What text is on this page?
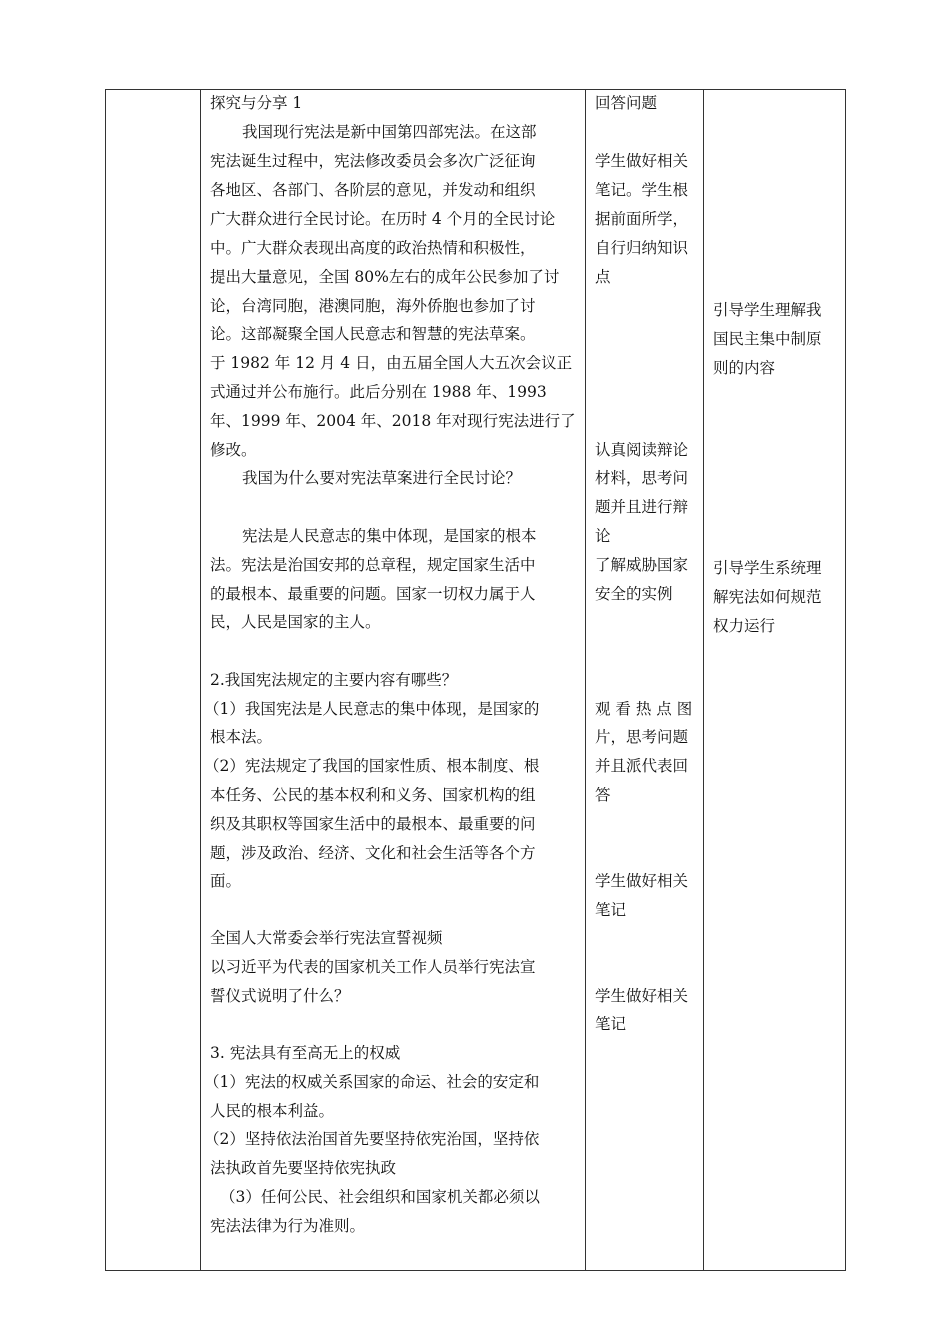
探究与分享 1
我国现行宪法是新中国第四部宪法。在这部
宪法诞生过程中，宪法修改委员会多次广泛征询
各地区、各部门、各阶层的意见，并发动和组织
广大群众进行全民讨论。在历时 4 个月的全民讨论
中。广大群众表现出高度的政治热情和积极性，
提出大量意见，全国 80%左右的成年公民参加了讨
论，台湾同胞，港澳同胞，海外侨胞也参加了讨
论。这部凝聚全国人民意志和智慧的宪法草案。
于 1982 年 12 月 4 日，由五届全国人大五次会议正
式通过并公布施行。此后分别在 1988 年、1993
年、1999 年、2004 年、2018 年对现行宪法进行了
修改。
我国为什么要对宪法草案进行全民讨论？
宪法是人民意志的集中体现，是国家的根本
法。宪法是治国安邦的总章程，规定国家生活中
的最根本、最重要的问题。国家一切权力属于人
民，人民是国家的主人。
2.我国宪法规定的主要内容有哪些？
（1）我国宪法是人民意志的集中体现，是国家的
根本法。
（2）宪法规定了我国的国家性质、根本制度、根
本任务、公民的基本权利和义务、国家机构的组
织及其职权等国家生活中的最根本、最重要的问
题，涉及政治、经济、文化和社会生活等各个方
面。
全国人大常委会举行宪法宣誓视频
以习近平为代表的国家机关工作人员举行宪法宣
誓仪式说明了什么？
3. 宪法具有至高无上的权威
（1）宪法的权威关系国家的命运、社会的安定和
人民的根本利益。
（2）坚持依法治国首先要坚持依宪治国，坚持依
法执政首先要坚持依宪执政
（3）任何公民、社会组织和国家机关都必须以
宪法法律为行为准则。
回答问题
学生做好相关
笔记。学生根
据前面所学，
自行归纳知识
点
认真阅读辩论
材料，思考问
题并且进行辩
论
了解威胁国家
安全的实例
观 看 热 点 图
片，思考问题
并且派代表回
答
学生做好相关
笔记
学生做好相关
笔记
引导学生理解我
国民主集中制原
则的内容
引导学生系统理
解宪法如何规范
权力运行
